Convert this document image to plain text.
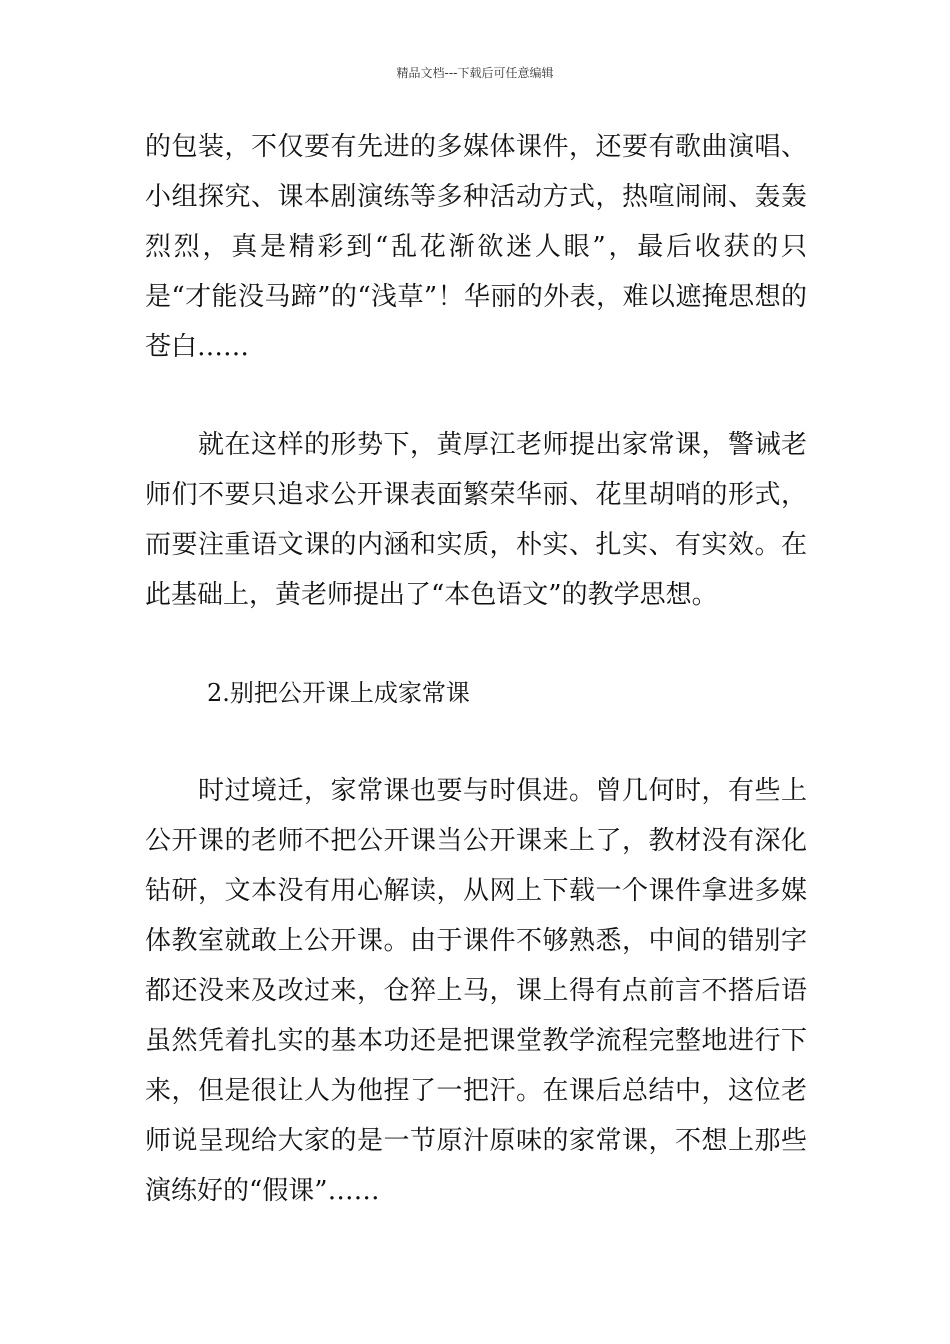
精品文档---下载后可任意编辑

的包装，不仅要有先进的多媒体课件，还要有歌曲演唱、小组探究、课本剧演练等多种活动方式，热喧闹闹、轰轰烈烈，真是精彩到“乱花渐欲迷人眼”，最后收获的只是“才能没马蹄”的“浅草”！华丽的外表，难以遮掩思想的苍白……

　　就在这样的形势下，黄厚江老师提出家常课，警诫老师们不要只追求公开课表面繁荣华丽、花里胡哨的形式，而要注重语文课的内涵和实质，朴实、扎实、有实效。在此基础上，黄老师提出了“本色语文”的教学思想。

2.别把公开课上成家常课

　　时过境迁，家常课也要与时俱进。曾几何时，有些上公开课的老师不把公开课当公开课来上了，教材没有深化钻研，文本没有用心解读，从网上下载一个课件拿进多媒体教室就敢上公开课。由于课件不够熟悉，中间的错别字都还没来及改过来，仓猝上马，课上得有点前言不搭后语虽然凭着扎实的基本功还是把课堂教学流程完整地进行下来，但是很让人为他捏了一把汗。在课后总结中，这位老师说呈现给大家的是一节原汁原味的家常课，不想上那些演练好的“假课”……
